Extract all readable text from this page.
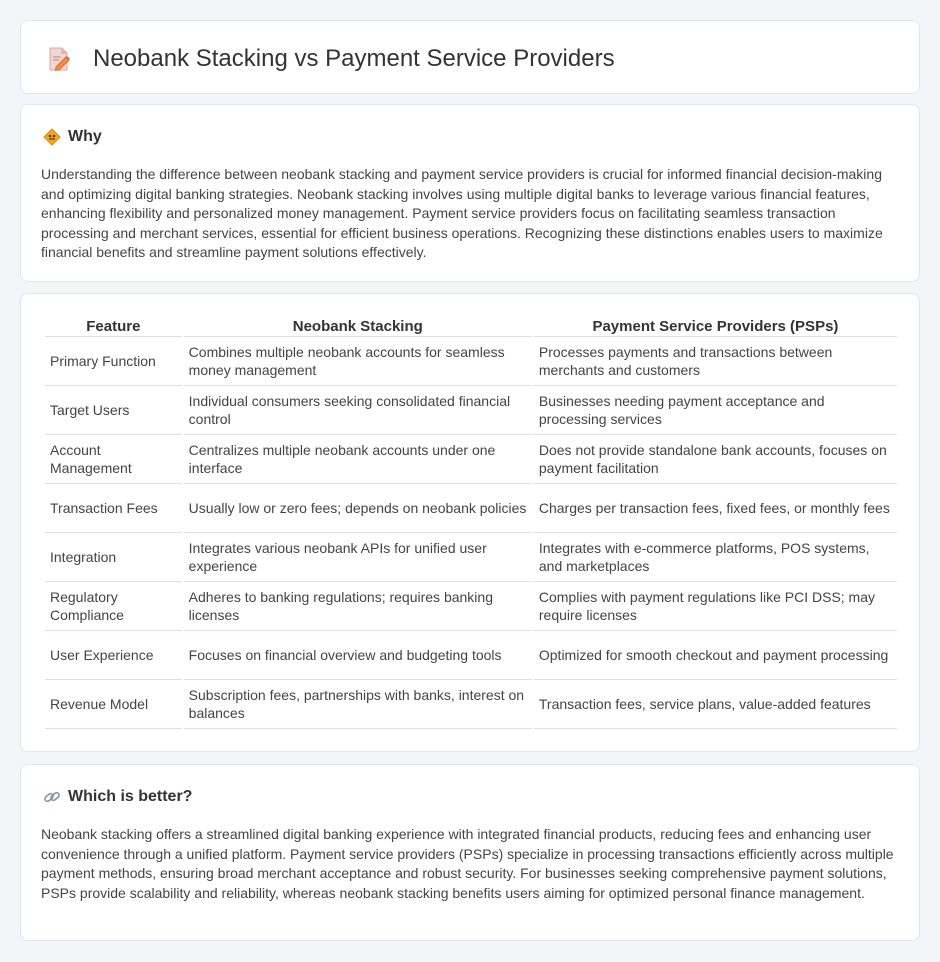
Neobank Stacking vs Payment Service Providers
Why

Understanding the difference between neobank stacking and payment service providers is crucial for informed financial decision-making and optimizing digital banking strategies. Neobank stacking involves using multiple digital banks to leverage various financial features, enhancing flexibility and personalized money management. Payment service providers focus on facilitating seamless transaction processing and merchant services, essential for efficient business operations. Recognizing these distinctions enables users to maximize financial benefits and streamline payment solutions effectively.

Feature	Neobank Stacking	Payment Service Providers (PSPs)
Primary Function	Combines multiple neobank accounts for seamless money management	Processes payments and transactions between merchants and customers
Target Users	Individual consumers seeking consolidated financial control	Businesses needing payment acceptance and processing services
Account Management	Centralizes multiple neobank accounts under one interface	Does not provide standalone bank accounts, focuses on payment facilitation
Transaction Fees	Usually low or zero fees; depends on neobank policies	Charges per transaction fees, fixed fees, or monthly fees
Integration	Integrates various neobank APIs for unified user experience	Integrates with e-commerce platforms, POS systems, and marketplaces
Regulatory Compliance	Adheres to banking regulations; requires banking licenses	Complies with payment regulations like PCI DSS; may require licenses
User Experience	Focuses on financial overview and budgeting tools	Optimized for smooth checkout and payment processing
Revenue Model	Subscription fees, partnerships with banks, interest on balances	Transaction fees, service plans, value-added features
Which is better?

Neobank stacking offers a streamlined digital banking experience with integrated financial products, reducing fees and enhancing user convenience through a unified platform. Payment service providers (PSPs) specialize in processing transactions efficiently across multiple payment methods, ensuring broad merchant acceptance and robust security. For businesses seeking comprehensive payment solutions, PSPs provide scalability and reliability, whereas neobank stacking benefits users aiming for optimized personal finance management.
